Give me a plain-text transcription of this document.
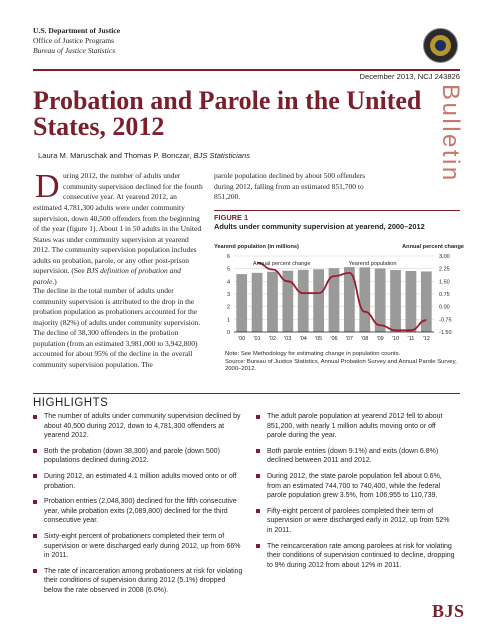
U.S. Department of Justice
Office of Justice Programs
Bureau of Justice Statistics
December 2013, NCJ 243826
Probation and Parole in the United States, 2012
Laura M. Maruschak and Thomas P. Bonczar, BJS Statisticians	Bulletin
D uring 2012, the number of adults under community supervision declined for the fourth consecutive year. At yearend 2012, an
estimated 4,781,300 adults were under community supervision, down 40,500 offenders from the beginning of the year (figure 1). About 1 in 50 adults in the United States was under community supervision at yearend 2012. The community supervision population includes adults on probation, parole, or any other post-prison supervision. (See BJS definition of probation and parole.)
The decline in the total number of adults under community supervision is attributed to the drop in the probation population as probationers accounted for the majority (82%) of adults under community supervision. The decline of 38,300 offenders in the probation population (from an estimated 3,981,000 to 3,942,800) accounted for about 95% of the decline in the overall community supervision population. The
parole population declined by about 500 offenders during 2012, falling from an estimated 851,700 to 851,200.
FIGURE 1
Adults under community supervision at yearend, 2000–2012
Yearend population (in millions)	Annual percent change
0
1
2
3
4
5
6
-1.50
-0.75
0.00
0.75
1.50
2.25
3.00
'00 '01 '02 '03 '04 '05 '06 '07 '08 '09 '10 '11 '12
Annual percent change	Yearend population
Note: See Methodology for estimating change in population counts.
Source: Bureau of Justice Statistics, Annual Probation Survey and Annual Parole Survey, 2000–2012.
HIGHLIGHTS
The number of adults under community supervision declined by about 40,500 during 2012, down to 4,781,300 offenders at yearend 2012.
Both the probation (down 38,300) and parole (down 500) populations declined during 2012.
During 2012, an estimated 4.1 million adults moved onto or off probation.
Probation entries (2,048,300) declined for the fifth consecutive year, while probation exits (2,089,800) declined for the third consecutive year.
Sixty-eight percent of probationers completed their term of supervision or were discharged early during 2012, up from 66% in 2011.
The rate of incarceration among probationers at risk for violating their conditions of supervision during 2012 (5.1%) dropped below the rate observed in 2008 (6.0%).
The adult parole population at yearend 2012 fell to about 851,200, with nearly 1 million adults moving onto or off parole during the year.
Both parole entries (down 9.1%) and exits (down 6.8%) declined between 2011 and 2012.
During 2012, the state parole population fell about 0.6%, from an estimated 744,700 to 740,400, while the federal parole population grew 3.5%, from 106,955 to 110,739.
Fifty-eight percent of parolees completed their term of supervision or were discharged early in 2012, up from 52% in 2011.
The reincarceration rate among parolees at risk for violating their conditions of supervision continued to decline, dropping to 9% during 2012 from about 12% in 2011.
BJS
